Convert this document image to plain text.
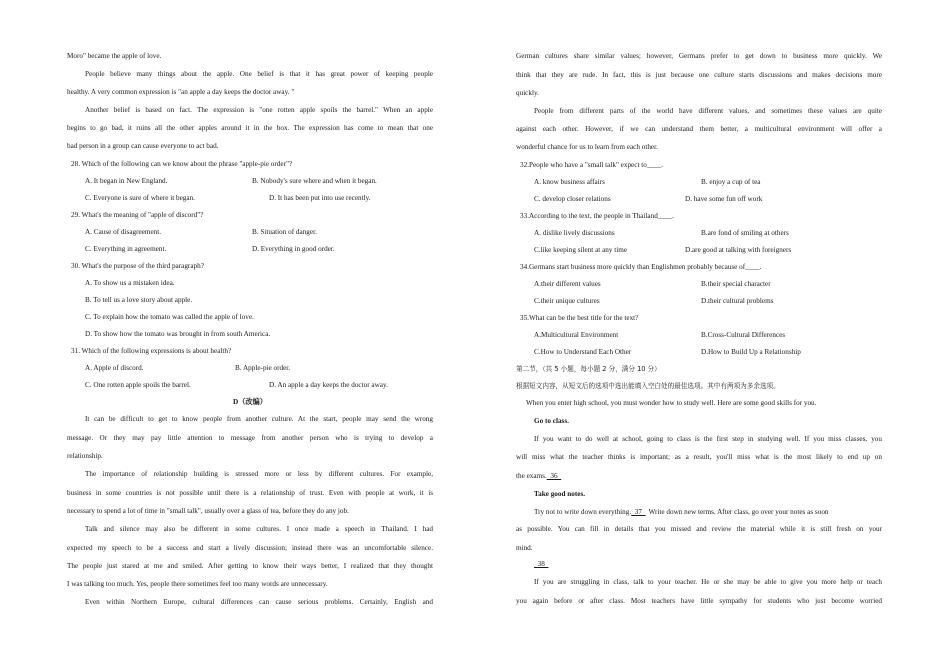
Moro" became the apple of love.
People believe many things about the apple. One belief is that it has great power of keeping people
healthy. A very common expression is "an apple a day keeps the doctor away. "
Another belief is based on fact. The expression is "one rotten apple spoils the barrel." When an apple
begins to go bad, it ruins all the other apples around it in the box. The expression has come to mean that one
bad person in a group can cause everyone to act bad.
28. Which of the following can we know about the phrase "apple-pie order"?
A. It began in New England.	B. Nobody's sure where and when it began.
C. Everyone is sure of where it began.	D. It has been put into use recently.
29. What's the meaning of "apple of discord"?
A. Cause of disagreement.	B. Situation of danger.
C. Everything in agreement.	D. Everything in good order.
30. What's the purpose of the third paragraph?
A. To show us a mistaken idea.
B. To tell us a love story about apple.
C. To explain how the tomato was called the apple of love.
D. To show how the tomato was brought in from south America.
31. Which of the following expressions is about health?
A. Apple of discord.	B. Apple-pie order.
C. One rotten apple spoils the barrel.	D. An apple a day keeps the doctor away.
D（改编）
It can be difficult to get to know people from another culture. At the start, people may send the wrong
message. Or they may pay little attention to message from another person who is trying to develop a
relationship.
The importance of relationship building is stressed more or less by different cultures. For example,
business in some countries is not possible until there is a relationship of trust. Even with people at work, it is
necessary to spend a lot of time in "small talk", usually over a glass of tea, before they do any job.
Talk and silence may also be different in some cultures. I once made a speech in Thailand. I had
expected my speech to be a success and start a lively discussion; instead there was an uncomfortable silence.
The people just stared at me and smiled. After getting to know their ways better, I realized that they thought
I was talking too much. Yes, people there sometimes feel too many words are unnecessary.
Even within Northern Europe, cultural differences can cause serious problems. Certainly, English and
German cultures share similar values; however, Germans prefer to get down to business more quickly. We
think that they are rude. In fact, this is just because one culture starts discussions and makes decisions more
quickly.
People from different parts of the world have different values, and sometimes these values are quite
against each other. However, if we can understand them better, a multicultural environment will offer a
wonderful chance for us to learn from each other.
32.People who have a "small talk" expect to____.
A. know business affairs	B. enjoy a cup of tea
C. develop closer relations	D. have some fun off work
33.According to the text, the people in Thailand____.
A. dislike lively discussions	B.are fond of smiling at others
C.like keeping silent at any time	D.are good at talking with foreigners
34.Germans start business more quickly than Englishmen probably because of____.
A.their different values	B.their special character
C.their unique cultures	D.their cultural problems
35.What can be the best title for the text?
A.Multicultural Environment	B.Cross-Cultural Differences
C.How to Understand Each Other	D.How to Build Up a Relationship
第二节，（共 5 小题，每小题 2 分，满分 10 分）
根据短文内容，从短文后的选项中选出能填入空白处的最佳选项。其中有两项为多余选项。
When you enter high school, you must wonder how to study well. Here are some good skills for you.
Go to class.
If you want to do well at school, going to class is the first step in studying well. If you miss classes, you
will miss what the teacher thinks is important; as a result, you'll miss what is the most likely to end up on
the exams.  36
Take good notes.
Try not to write down everything.  37  Write down new terms. After class, go over your notes as soon
as possible. You can fill in details that you missed and review the material while it is still fresh on your
mind.
38
If you are struggling in class, talk to your teacher. He or she may be able to give you more help or teach
you again before or after class. Most teachers have little sympathy for students who just become worried
